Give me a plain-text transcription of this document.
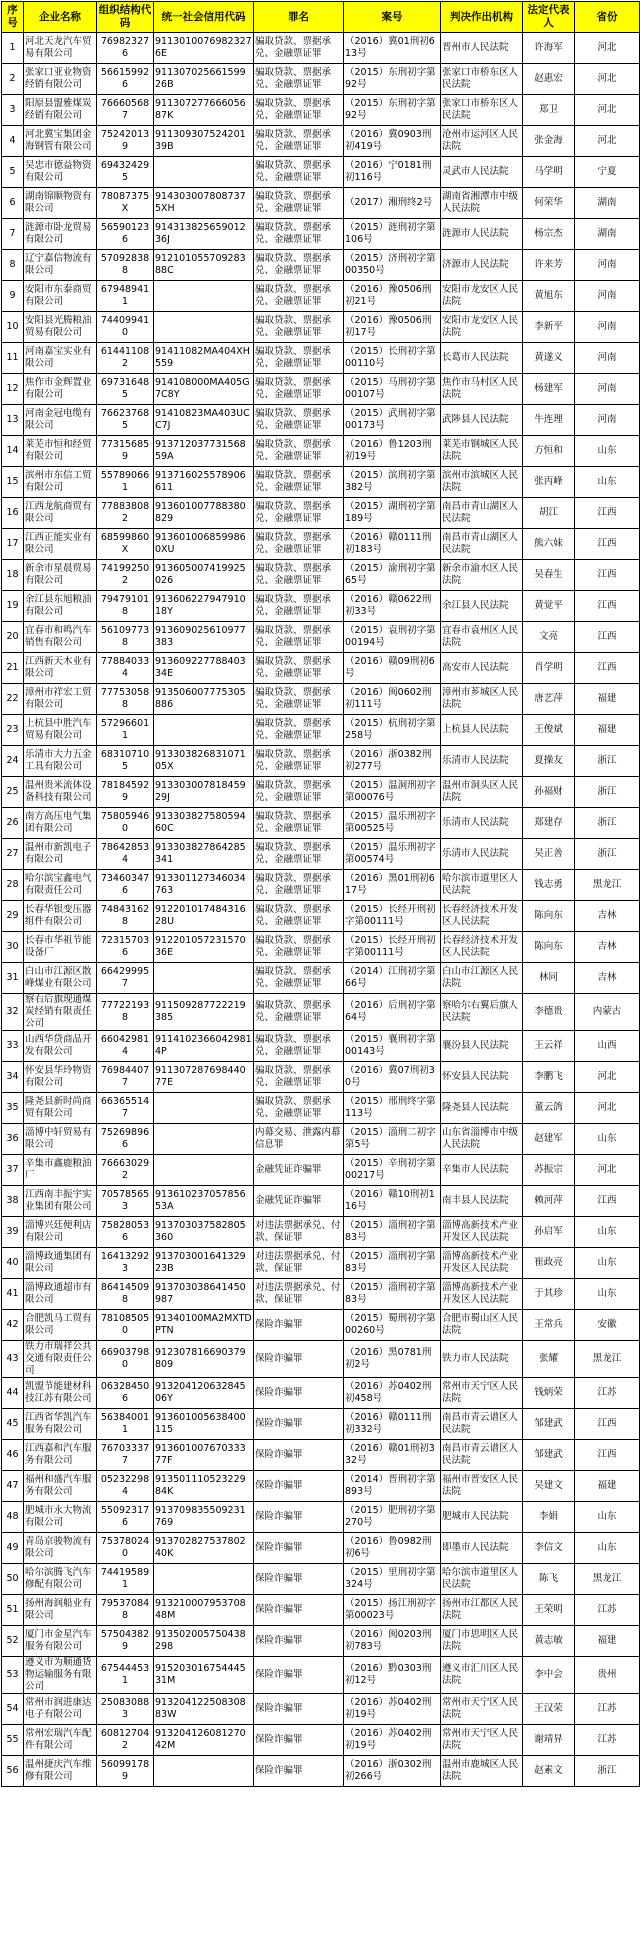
序号	企业名称	组织结构代码	统一社会信用代码	罪名	案号	判决作出机构	法定代表人	省份
1	河北天龙汽车贸易有限公司	769823276	91130100769823276E	骗取贷款、票据承兑、金融票证罪	（2016）冀01刑初613号	晋州市人民法院	许海军	河北
2	张家口亚业物资经销有限公司	566159926	911307025661599 26B	骗取贷款、票据承兑、金融票证罪	（2015）东刑初字第92号	张家口市桥东区人民法院	赵惠宏	河北
3	阳原县盟雅煤炭经销有限公司	766605687	911307277666056 87K	骗取贷款、票据承兑、金融票证罪	（2015）东刑初字第92号	张家口市桥东区人民法院	郑卫	河北
4	河北冀宝集团金海钢管有限公司	752420139	911309307524201 39B	骗取贷款、票据承兑、金融票证罪	（2016）冀0903刑初419号	沧州市运河区人民法院	张金海	河北
5	吴忠市德益物资有限公司	694324295		骗取贷款、票据承兑、金融票证罪	（2016）宁0181刑初116号	灵武市人民法院	马学明	宁夏
6	湖南锦顺物资有限公司	78087375X	914303007808737 5XH	骗取贷款、票据承兑、金融票证罪	（2017）湘刑终2号	湖南省湘潭市中级人民法院	何荣华	湖南
7	涟源市卧龙贸易有限公司	565901236	914313825659012 36J	骗取贷款、票据承兑、金融票证罪	（2015）涟刑初字第106号	涟源市人民法院	杨宗杰	湖南
8	辽宁嘉信物流有限公司	570928388	912101055709283 88C	骗取贷款、票据承兑、金融票证罪	（2015）济刑初字第00350号	济源市人民法院	许来芳	河南
9	安阳市东泰商贸有限公司	679489411		骗取贷款、票据承兑、金融票证罪	（2016）豫0506刑初21号	安阳市龙安区人民法院	黄旭东	河南
10	安阳县光腾粮油贸易有限公司	744099410		骗取贷款、票据承兑、金融票证罪	（2016）豫0506刑初17号	安阳市龙安区人民法院	李新平	河南
11	河南嘉宝实业有限公司	614411082	91411082MA404XH559	骗取贷款、票据承兑、金融票证罪	（2015）长刑初字第00110号	长葛市人民法院	黄遂义	河南
12	焦作市金辉置业有限公司	697316485	914108000MA405G7C8Y	骗取贷款、票据承兑、金融票证罪	（2015）马刑初字第00107号	焦作市马村区人民法院	杨建军	河南
13	河南金冠电缆有限公司	766237685	91410823MA403UCC7J	骗取贷款、票据承兑、金融票证罪	（2015）武刑初字第00173号	武陟县人民法院	牛连理	河南
14	莱芜市恒和经贸有限公司	773156859	913712037731568 59A	骗取贷款、票据承兑、金融票证罪	（2016）鲁1203刑初19号	莱芜市钢城区人民法院	方恒和	山东
15	滨州市东信工贸有限公司	557890661	913716025578906 611	骗取贷款、票据承兑、金融票证罪	（2015）滨刑初字第382号	滨州市滨城区人民法院	张丙峰	山东
16	江西龙航商贸有限公司	778838082	913601007788380 829	骗取贷款、票据承兑、金融票证罪	（2015）湖刑初字第189号	南昌市青山湖区人民法院	胡江	江西
17	江西正能实业有限公司	68599860X	913601006859986 0XU	骗取贷款、票据承兑、金融票证罪	（2016）赣0111刑初183号	南昌市青山湖区人民法院	熊六妹	江西
18	新余市星晨贸易有限公司	741992502	913605007419925 026	骗取贷款、票据承兑、金融票证罪	（2015）渝刑初字第65号	新余市渝水区人民法院	吴春生	江西
19	余江县东旭粮油有限公司	794791018	913606227947910 18Y	骗取贷款、票据承兑、金融票证罪	（2016）赣0622刑初33号	余江县人民法院	黄觉平	江西
20	宜春市和鸣汽车销售有限公司	561097738	913609025610977 383	骗取贷款、票据承兑、金融票证罪	（2015）袁刑初字第00194号	宜春市袁州区人民法院	文亮	江西
21	江西新天木业有限公司	778840334	913609227788403 34E	骗取贷款、票据承兑、金融票证罪	（2016）赣09刑初6号	高安市人民法院	肖学明	江西
22	漳州市祥宏工贸有限公司	777530588	913506007775305 886	骗取贷款、票据承兑、金融票证罪	（2016）闽0602刑初111号	漳州市芗城区人民法院	唐艺萍	福建
23	上杭县中胜汽车贸易有限公司	572966011		骗取贷款、票据承兑、金融票证罪	（2015）杭刑初字第258号	上杭县人民法院	王俊斌	福建
24	乐清市大力五金工具有限公司	683107105	913303826831071 05X	骗取贷款、票据承兑、金融票证罪	（2016）浙0382刑初277号	乐清市人民法院	夏操友	浙江
25	温州贵米流体设备科技有限公司	781845929	913303007818459 29J	骗取贷款、票据承兑、金融票证罪	（2015）温洞刑初字第00076号	温州市洞头区人民法院	孙福财	浙江
26	南方高压电气集团有限公司	758059460	913303827580594 60C	骗取贷款、票据承兑、金融票证罪	（2015）温乐刑初字第00525号	乐清市人民法院	郑建存	浙江
27	温州市新凯电子有限公司	786428534	913303827864285 341	骗取贷款、票据承兑、金融票证罪	（2015）温乐刑初字第00574号	乐清市人民法院	吴正善	浙江
28	哈尔滨宝鑫电气有限责任公司	734603476	913301127346034 763	骗取贷款、票据承兑、金融票证罪	（2016）黑01刑初617号	哈尔滨市道里区人民法院	钱志勇	黑龙江
29	长春华银变压器组件有限公司	748431628	912201017484316 28U	骗取贷款、票据承兑、金融票证罪	（2015）长经开刑初字第00111号	长春经济技术开发区人民法院	陈向东	吉林
30	长春市华祖节能设备厂	723157036	912201057231570 36E	骗取贷款、票据承兑、金融票证罪	（2015）长经开刑初字第00111号	长春经济技术开发区人民法院	陈向东	吉林
31	白山市江源区散峰煤业有限公司	664299957		骗取贷款、票据承兑、金融票证罪	（2014）江刑初字第66号	白山市江源区人民法院	林同	吉林
32	察右后旗现通煤炭经销有限责任公司	777221938	911509287722219 385	骗取贷款、票据承兑、金融票证罪	（2016）后刑初字第64号	察哈尔右翼后旗人民法院	李德贵	内蒙古
33	山西华贷商品开发有限公司	660429814	91141023660429814P	骗取贷款、票据承兑、金融票证罪	（2015）襄刑初字第00143号	襄汾县人民法院	王云祥	山西
34	怀安县华玲物资有限公司	769844077	911307287698440 77E	骗取贷款、票据承兑、金融票证罪	（2016）冀07刑初30号	怀安县人民法院	李鹏飞	河北
35	隆尧县新时尚商贸有限公司	663655147		骗取贷款、票据承兑、金融票证罪	（2015）邢刑终字第113号	隆尧县人民法院	董云鸽	河北
36	淄博中轩贸易有限公司	752698966		内幕交易、泄露内幕信息罪	（2015）淄刑二初字第5号	山东省淄博市中级人民法院	赵建军	山东
37	辛集市鑫鹿粮油厂	766630292		金融凭证诈骗罪	（2015）辛刑初字第00217号	辛集市人民法院	苏振宗	河北
38	江西南丰振宇实业集团有限公司	705785653	913610237057856 53A	金融凭证诈骗罪	（2016）赣10刑初116号	南丰县人民法院	赖河萍	江西
39	淄博兴廷便利店有限公司	758280536	913703037582805 360	对违法票据承兑、付款、保证罪	（2015）淄刑初字第83号	淄博高新技术产业开发区人民法院	孙启军	山东
40	淄博政通集团有限公司	164132923	913703001641329 23B	对违法票据承兑、付款、保证罪	（2015）淄刑初字第83号	淄博高新技术产业开发区人民法院	崔政亮	山东
41	淄博政通超市有限公司	864145098	913703038641450 987	对违法票据承兑、付款、保证罪	（2015）淄刑初字第83号	淄博高新技术产业开发区人民法院	于其珍	山东
42	合肥凯马工贸有限公司	781085050	91340100MA2MXTDPTN	保险诈骗罪	（2015）蜀刑初字第00260号	合肥市蜀山区人民法院	王常兵	安徽
43	铁力市瑞祥公共交通有限责任公司	669037980	912307816690379 809	保险诈骗罪	（2016）黑0781刑初2号	铁力市人民法院	张耀	黑龙江
44	凯盟节能建材科技江苏有限公司	063284506	913204120632845 06Y	保险诈骗罪	（2016）苏0402刑初458号	常州市天宁区人民法院	钱炳荣	江苏
45	江西省华凯汽车服务有限公司	563840011	913601005638400 115	保险诈骗罪	（2016）赣0111刑初332号	南昌市青云谱区人民法院	邹建武	江西
46	江西嘉和汽车服务有限公司	767033377	913601007670333 77F	保险诈骗罪	（2016）赣01刑初332号	南昌市青云谱区人民法院	邹建武	江西
47	福州和盛汽车服务有限公司	052322984	913501110523229 84K	保险诈骗罪	（2014）晋刑初字第893号	福州市晋安区人民法院	吴建文	福建
48	肥城市永大物流有限公司	550923176	913709835509231 769	保险诈骗罪	（2015）肥刑初字第270号	肥城市人民法院	李娟	山东
49	青岛京骏物流有限公司	753780240	913702827537802 40K	保险诈骗罪	（2016）鲁0982刑初6号	即墨市人民法院	李信文	山东
50	哈尔滨腾飞汽车修配有限公司	744195891		保险诈骗罪	（2015）里刑初字第324号	哈尔滨市道里区人民法院	陈飞	黑龙江
51	扬州海润船业有限公司	795370848	913210007953708 48M	保险诈骗罪	（2015）扬江刑初字第00023号	扬州市江都区人民法院	王荣明	江苏
52	厦门市金星汽车服务有限公司	575043829	913502005750438 298	保险诈骗罪	（2016）闽0203刑初783号	厦门市思明区人民法院	黄志敏	福建
53	遵义市为顺通货物运输服务有限公司	675444531	915203016754445 31M	保险诈骗罪	（2016）黔0303刑初12号	遵义市汇川区人民法院	李中会	贵州
54	常州市润进康达电子有限公司	250830883	913204122508308 83W	保险诈骗罪	（2016）苏0402刑初19号	常州市天宁区人民法院	王汉荣	江苏
55	常州宏瑞汽车配件有限公司	608127042	913204126081270 42M	保险诈骗罪	（2016）苏0402刑初19号	常州市天宁区人民法院	谢靖昇	江苏
56	温州捷庆汽车维修有限公司	560991789		保险诈骗罪	（2016）浙0302刑初266号	温州市鹿城区人民法院	赵素文	浙江
